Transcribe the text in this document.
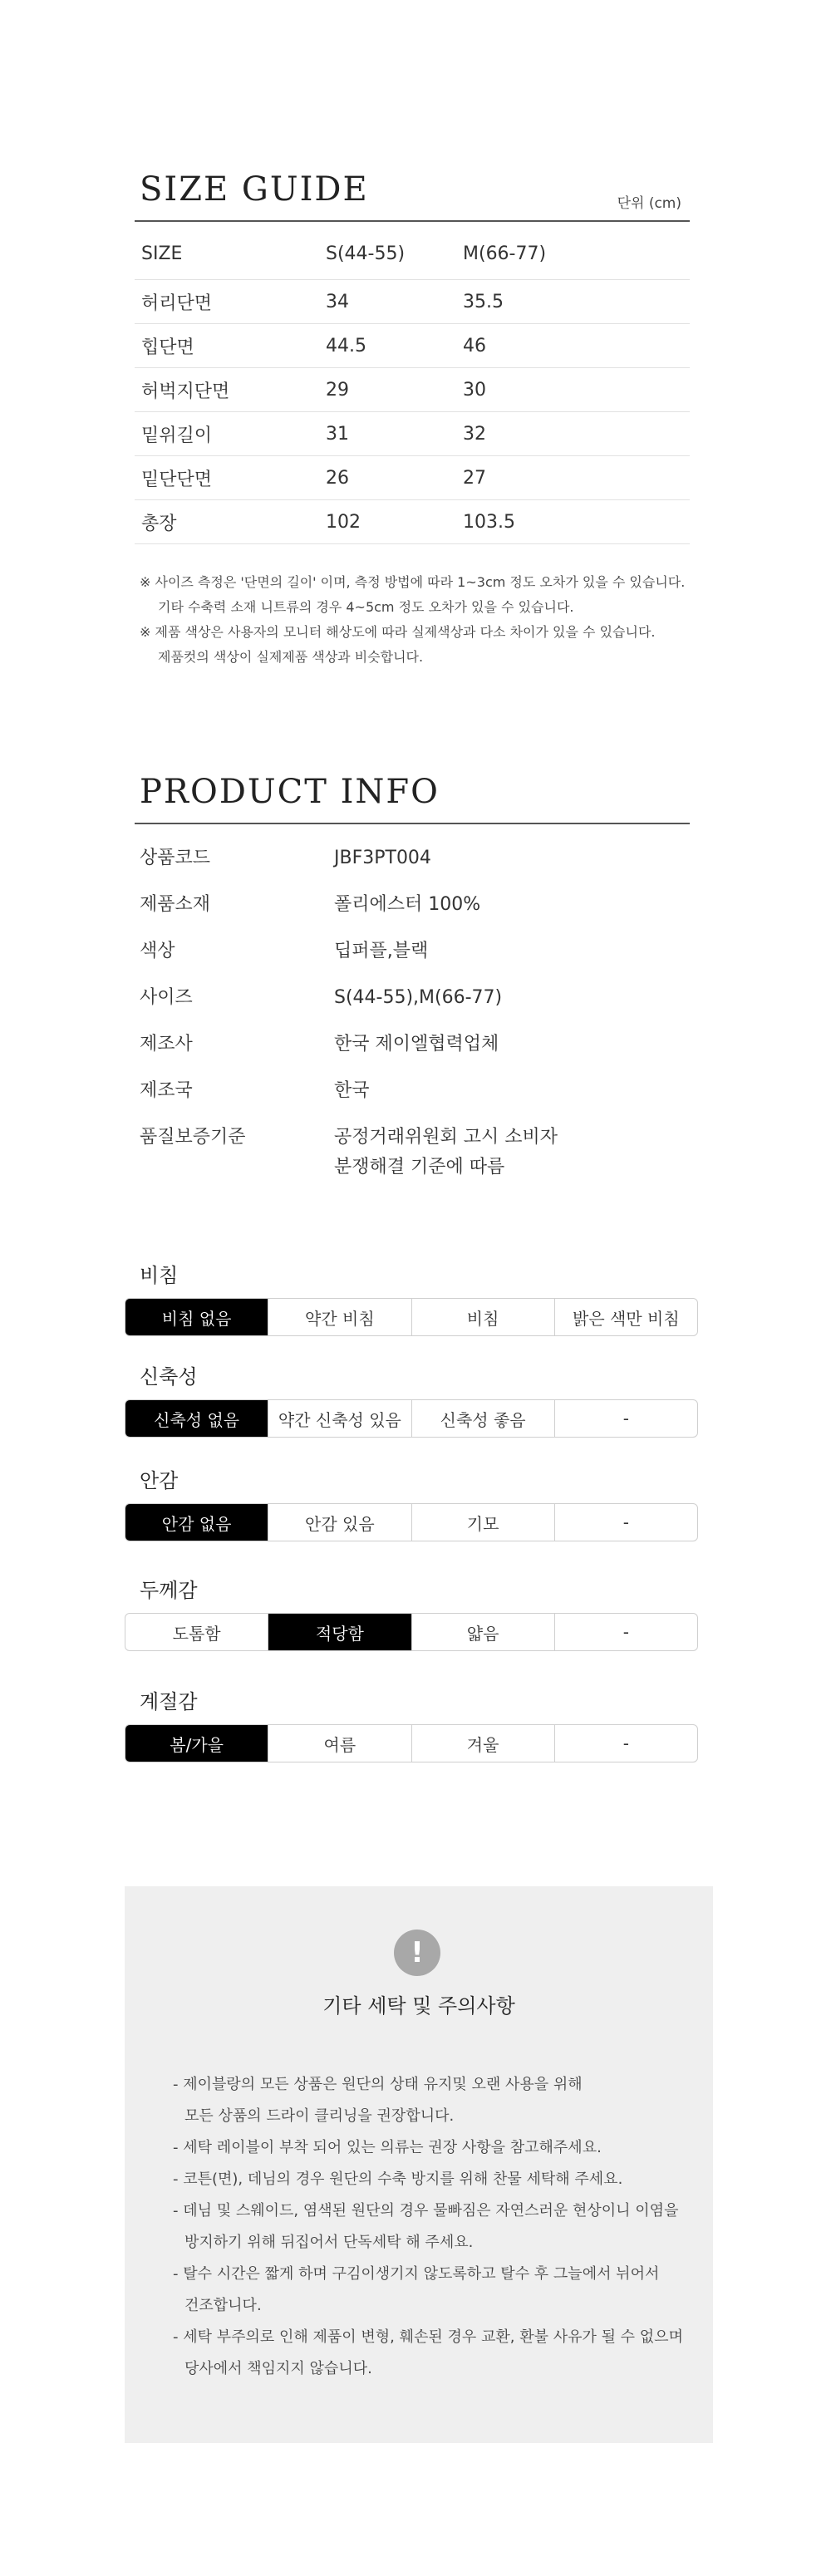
SIZE GUIDE	단위 (cm)
SIZE	S(44-55)	M(66-77)
허리단면	34	35.5
힙단면	44.5	46
허벅지단면	29	30
밑위길이	31	32
밑단단면	26	27
총장	102	103.5
※ 사이즈 측정은 '단면의 길이' 이며, 측정 방법에 따라 1~3cm 정도 오차가 있을 수 있습니다.
기타 수축력 소재 니트류의 경우 4~5cm 정도 오차가 있을 수 있습니다.
※ 제품 색상은 사용자의 모니터 해상도에 따라 실제색상과 다소 차이가 있을 수 있습니다.
제품컷의 색상이 실제제품 색상과 비슷합니다.
PRODUCT INFO
상품코드	JBF3PT004
제품소재	폴리에스터 100%
색상	딥퍼플,블랙
사이즈	S(44-55),M(66-77)
제조사	한국 제이엘협력업체
제조국	한국
품질보증기준	공정거래위원회 고시 소비자
분쟁해결 기준에 따름
비침
비침 없음	약간 비침	비침	밝은 색만 비침
신축성
신축성 없음	약간 신축성 있음	신축성 좋음	-
안감
안감 없음	안감 있음	기모	-
두께감
도톰함	적당함	얇음	-
계절감
봄/가을	여름	겨울	-
!
기타 세탁 및 주의사항
- 제이블랑의 모든 상품은 원단의 상태 유지및 오랜 사용을 위해
모든 상품의 드라이 클리닝을 권장합니다.
- 세탁 레이블이 부착 되어 있는 의류는 권장 사항을 참고해주세요.
- 코튼(면), 데님의 경우 원단의 수축 방지를 위해 찬물 세탁해 주세요.
- 데님 및 스웨이드, 염색된 원단의 경우 물빠짐은 자연스러운 현상이니 이염을
방지하기 위해 뒤집어서 단독세탁 해 주세요.
- 탈수 시간은 짧게 하며 구김이생기지 않도록하고 탈수 후 그늘에서 뉘어서
건조합니다.
- 세탁 부주의로 인해 제품이 변형, 훼손된 경우 교환, 환불 사유가 될 수 없으며
당사에서 책임지지 않습니다.
